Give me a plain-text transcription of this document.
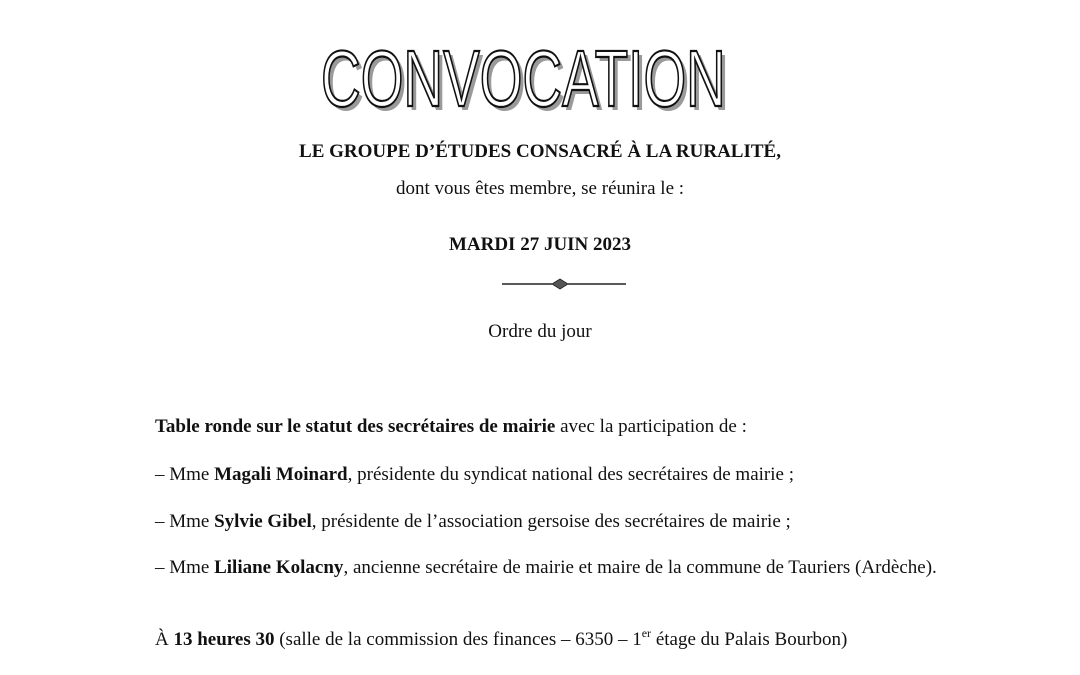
CONVOCATION
CONVOCATION
LE GROUPE D’ÉTUDES CONSACRÉ À LA RURALITÉ,
dont vous êtes membre, se réunira le :
MARDI 27 JUIN 2023
Ordre du jour
Table ronde sur le statut des secrétaires de mairie avec la participation de :
– Mme Magali Moinard, présidente du syndicat national des secrétaires de mairie ;
– Mme Sylvie Gibel, présidente de l’association gersoise des secrétaires de mairie ;
– Mme Liliane Kolacny, ancienne secrétaire de mairie et maire de la commune de Tauriers (Ardèche).
À 13 heures 30 (salle de la commission des finances – 6350 – 1er étage du Palais Bourbon)
